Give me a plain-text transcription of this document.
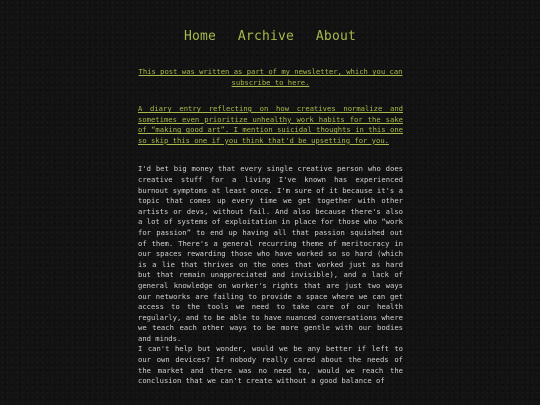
Home Archive About

This post was written as part of my newsletter, which you can subscribe to here.

A diary entry reflecting on how creatives normalize and sometimes even prioritize unhealthy work habits for the sake of “making good art”. I mention suicidal thoughts in this one so skip this one if you think that'd be upsetting for you.

I'd bet big money that every single creative person who does creative stuff for a living I've known has experienced burnout symptoms at least once. I'm sure of it because it's a topic that comes up every time we get together with other artists or devs, without fail. And also because there's also a lot of systems of exploitation in place for those who “work for passion” to end up having all that passion squished out of them. There's a general recurring theme of meritocracy in our spaces rewarding those who have worked so so hard (which is a lie that thrives on the ones that worked just as hard but that remain unappreciated and invisible), and a lack of general knowledge on worker's rights that are just two ways our networks are failing to provide a space where we can get access to the tools we need to take care of our health regularly, and to be able to have nuanced conversations where we teach each other ways to be more gentle with our bodies and minds.

I can't help but wonder, would we be any better if left to our own devices? If nobody really cared about the needs of the market and there was no need to, would we reach the conclusion that we can't create without a good balance of
